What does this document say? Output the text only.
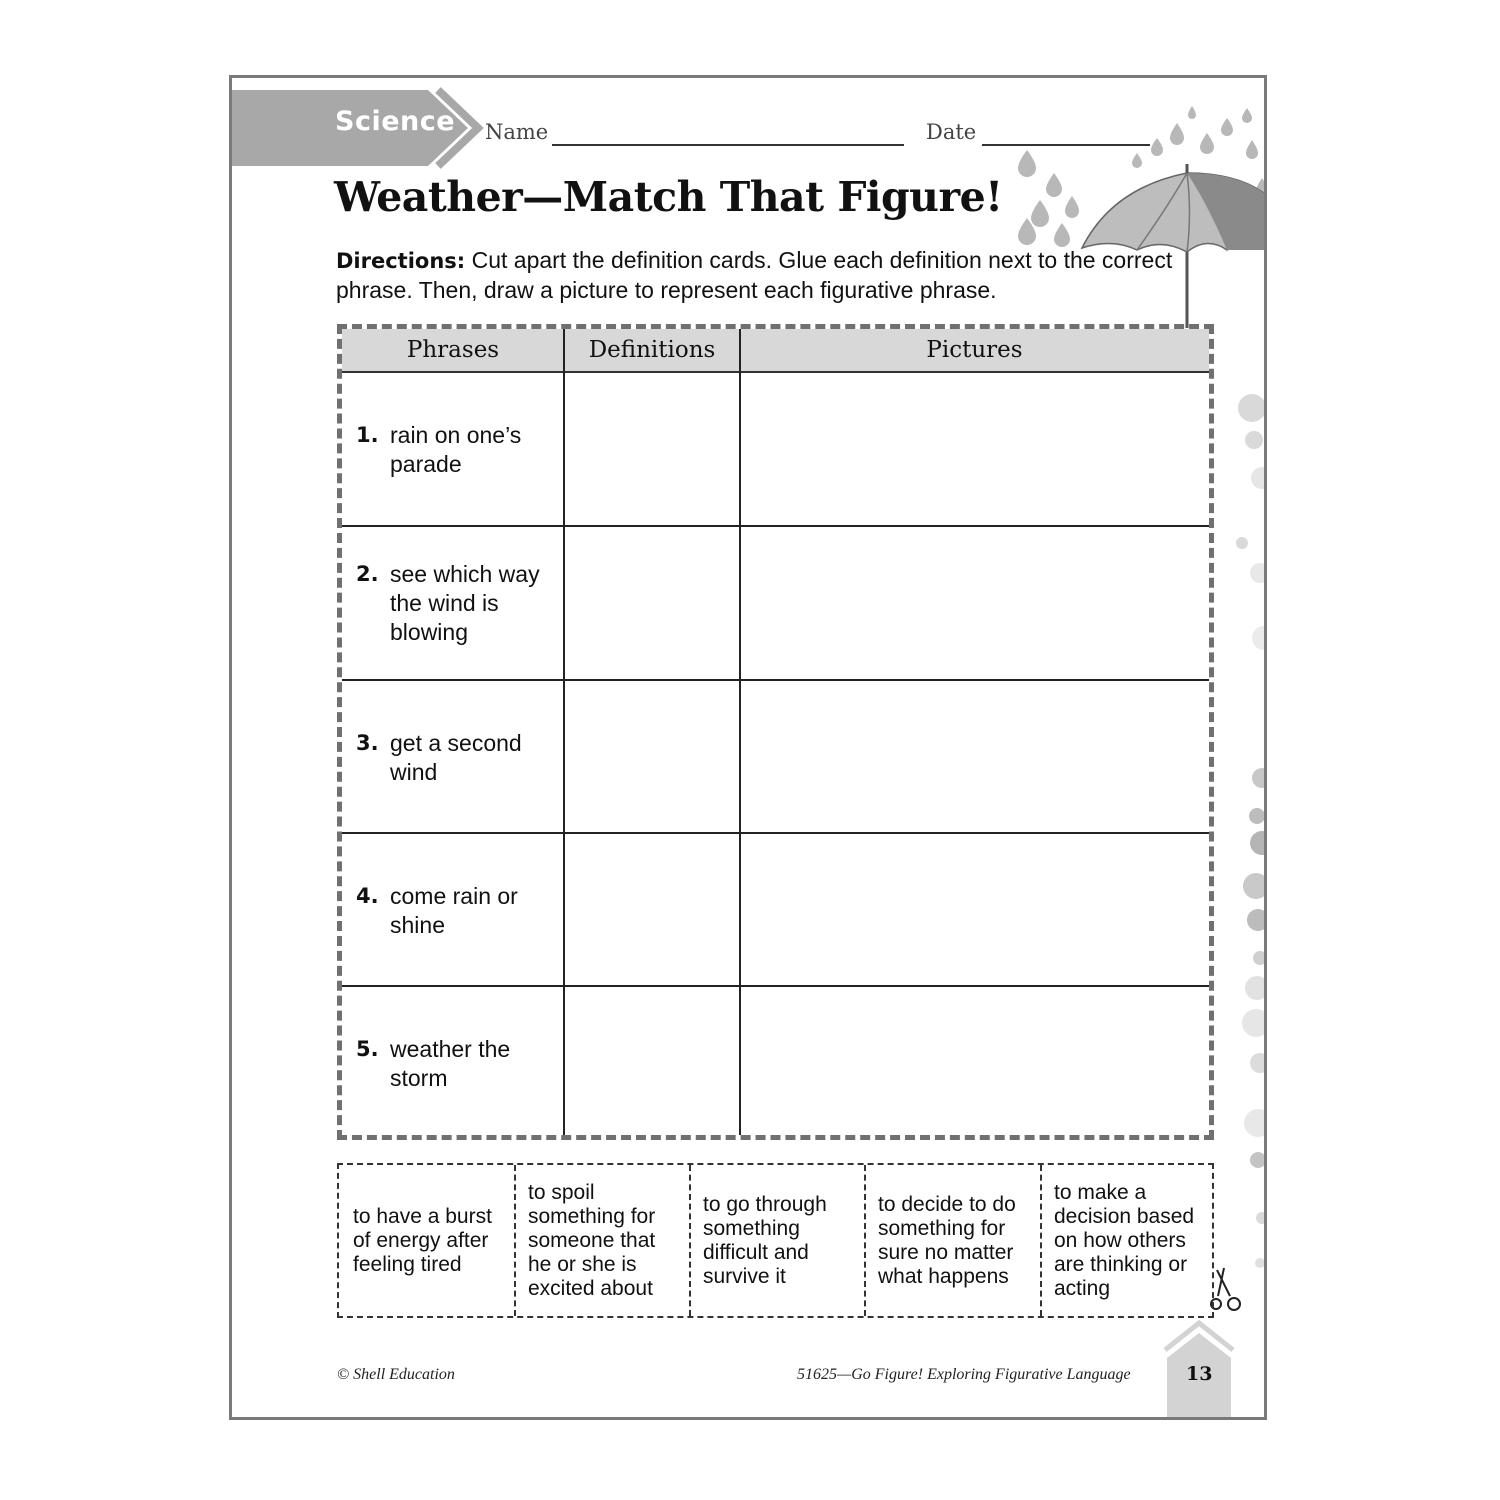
Science Name	Date
Weather—Match That Figure!
Directions: Cut apart the definition cards. Glue each definition next to the correct phrase. Then, draw a picture to represent each figurative phrase.
Phrases	Definitions	Pictures
1. rain on one’s parade
2. see which way the wind is blowing
3. get a second wind
4. come rain or shine
5. weather the storm
to have a burst of energy after feeling tired
to spoil something for someone that he or she is excited about
to go through something difficult and survive it
to decide to do something for sure no matter what happens
to make a decision based on how others are thinking or acting
© Shell Education	51625—Go Figure! Exploring Figurative Language	13
